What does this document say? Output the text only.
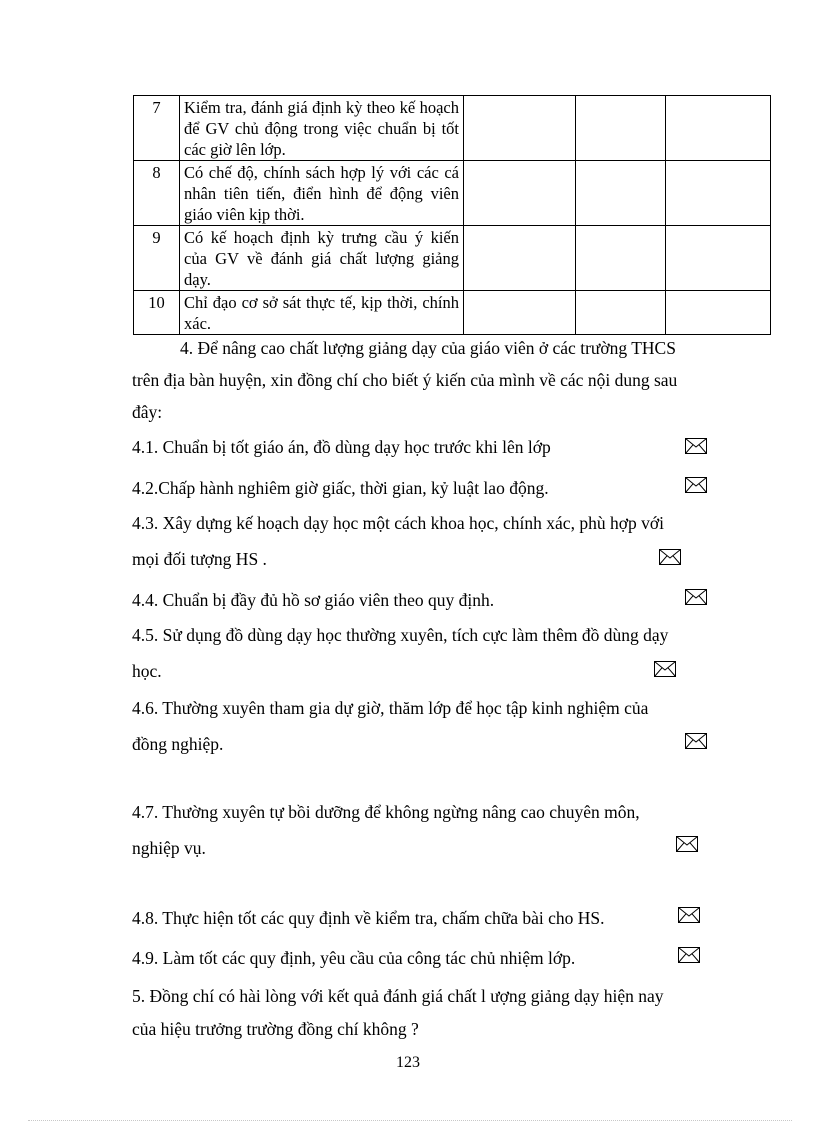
7	Kiểm tra, đánh giá định kỳ theo kế hoạch để GV chủ động trong việc chuẩn bị tốt các giờ lên lớp.			
8	Có chế độ, chính sách hợp lý với các cá nhân tiên tiến, điển hình để động viên giáo viên kịp thời.			
9	Có kế hoạch định kỳ trưng cầu ý kiến của GV về đánh giá chất lượng giảng dạy.			
10	Chỉ đạo cơ sở sát thực tế, kịp thời, chính xác.			
4. Để nâng cao chất lượng giảng dạy của giáo viên ở các trường THCS
trên địa bàn huyện, xin đồng chí cho biết ý kiến của mình về các nội dung sau
đây:
4.1. Chuẩn bị tốt giáo án, đồ dùng dạy học trước khi lên lớp
4.2.Chấp hành nghiêm giờ giấc, thời gian, kỷ luật lao động.
4.3. Xây dựng kế hoạch dạy học một cách khoa học, chính xác, phù hợp với
mọi đối tượng HS .
4.4. Chuẩn bị đầy đủ hồ sơ giáo viên theo quy định.
4.5. Sử dụng đồ dùng dạy học thường xuyên, tích cực làm thêm đồ dùng dạy
học.
4.6. Thường xuyên tham gia dự giờ, thăm lớp để học tập kinh nghiệm của
đồng nghiệp.
4.7. Thường xuyên tự bồi dưỡng để không ngừng nâng cao chuyên môn,
nghiệp vụ.
4.8. Thực hiện tốt các quy định về kiểm tra, chấm chữa bài cho HS.
4.9. Làm tốt các quy định, yêu cầu của công tác chủ nhiệm lớp.
5. Đồng chí có hài lòng với kết quả đánh giá chất l ượng giảng dạy hiện nay
của hiệu trưởng trường đồng chí không ?
123
